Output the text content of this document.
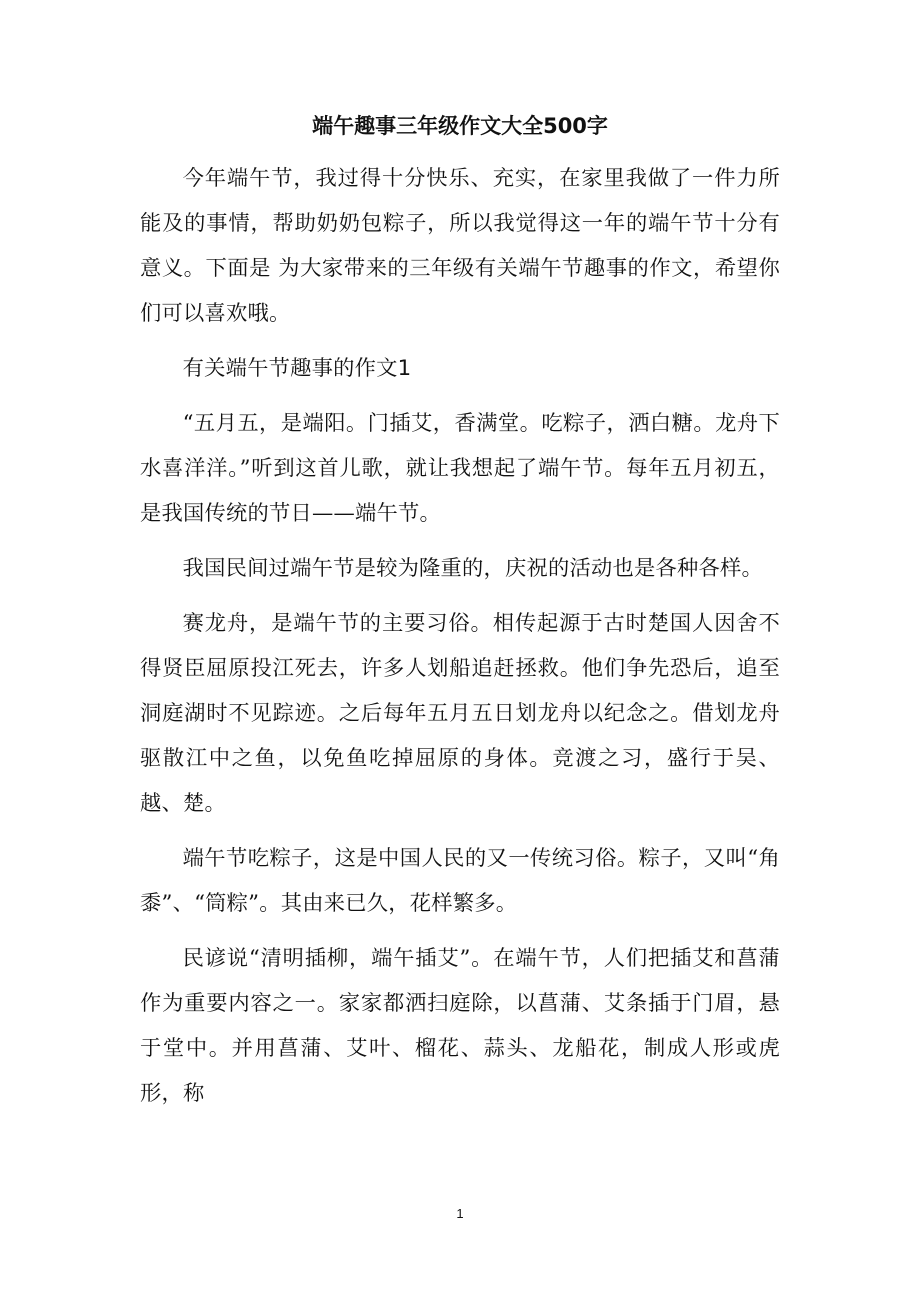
端午趣事三年级作文大全500字

今年端午节，我过得十分快乐、充实，在家里我做了一件力所能及的事情，帮助奶奶包粽子，所以我觉得这一年的端午节十分有意义。下面是 为大家带来的三年级有关端午节趣事的作文，希望你们可以喜欢哦。

有关端午节趣事的作文1

“五月五，是端阳。门插艾，香满堂。吃粽子，洒白糖。龙舟下水喜洋洋。”听到这首儿歌，就让我想起了端午节。每年五月初五，是我国传统的节日——端午节。

我国民间过端午节是较为隆重的，庆祝的活动也是各种各样。

赛龙舟，是端午节的主要习俗。相传起源于古时楚国人因舍不得贤臣屈原投江死去，许多人划船追赶拯救。他们争先恐后，追至洞庭湖时不见踪迹。之后每年五月五日划龙舟以纪念之。借划龙舟驱散江中之鱼，以免鱼吃掉屈原的身体。竞渡之习，盛行于吴、越、楚。

端午节吃粽子，这是中国人民的又一传统习俗。粽子，又叫“角黍”、“筒粽”。其由来已久，花样繁多。

民谚说“清明插柳，端午插艾”。在端午节，人们把插艾和菖蒲作为重要内容之一。家家都洒扫庭除，以菖蒲、艾条插于门眉，悬于堂中。并用菖蒲、艾叶、榴花、蒜头、龙船花，制成人形或虎形，称

1
